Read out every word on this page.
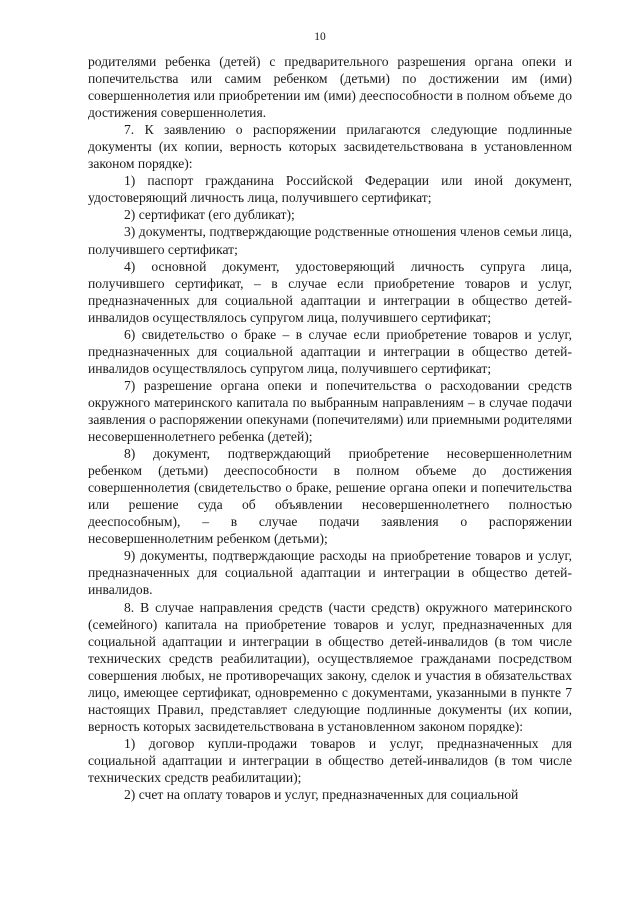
10

родителями ребенка (детей) с предварительного разрешения органа опеки и попечительства или самим ребенком (детьми) по достижении им (ими) совершеннолетия или приобретении им (ими) дееспособности в полном объеме до достижения совершеннолетия.

7. К заявлению о распоряжении прилагаются следующие подлинные документы (их копии, верность которых засвидетельствована в установленном законом порядке):

1) паспорт гражданина Российской Федерации или иной документ, удостоверяющий личность лица, получившего сертификат;

2) сертификат (его дубликат);

3) документы, подтверждающие родственные отношения членов семьи лица, получившего сертификат;

4) основной документ, удостоверяющий личность супруга лица, получившего сертификат, – в случае если приобретение товаров и услуг, предназначенных для социальной адаптации и интеграции в общество детей-инвалидов осуществлялось супругом лица, получившего сертификат;

6) свидетельство о браке – в случае если приобретение товаров и услуг, предназначенных для социальной адаптации и интеграции в общество детей-инвалидов осуществлялось супругом лица, получившего сертификат;

7) разрешение органа опеки и попечительства о расходовании средств окружного материнского капитала по выбранным направлениям – в случае подачи заявления о распоряжении опекунами (попечителями) или приемными родителями несовершеннолетнего ребенка (детей);

8) документ, подтверждающий приобретение несовершеннолетним ребенком (детьми) дееспособности в полном объеме до достижения совершеннолетия (свидетельство о браке, решение органа опеки и попечительства или решение суда об объявлении несовершеннолетнего полностью дееспособным), – в случае подачи заявления о распоряжении несовершеннолетним ребенком (детьми);

9) документы, подтверждающие расходы на приобретение товаров и услуг, предназначенных для социальной адаптации и интеграции в общество детей-инвалидов.

8. В случае направления средств (части средств) окружного материнского (семейного) капитала на приобретение товаров и услуг, предназначенных для социальной адаптации и интеграции в общество детей-инвалидов (в том числе технических средств реабилитации), осуществляемое гражданами посредством совершения любых, не противоречащих закону, сделок и участия в обязательствах лицо, имеющее сертификат, одновременно с документами, указанными в пункте 7 настоящих Правил, представляет следующие подлинные документы (их копии, верность которых засвидетельствована в установленном законом порядке):

1) договор купли-продажи товаров и услуг, предназначенных для социальной адаптации и интеграции в общество детей-инвалидов (в том числе технических средств реабилитации);

2) счет на оплату товаров и услуг, предназначенных для социальной
